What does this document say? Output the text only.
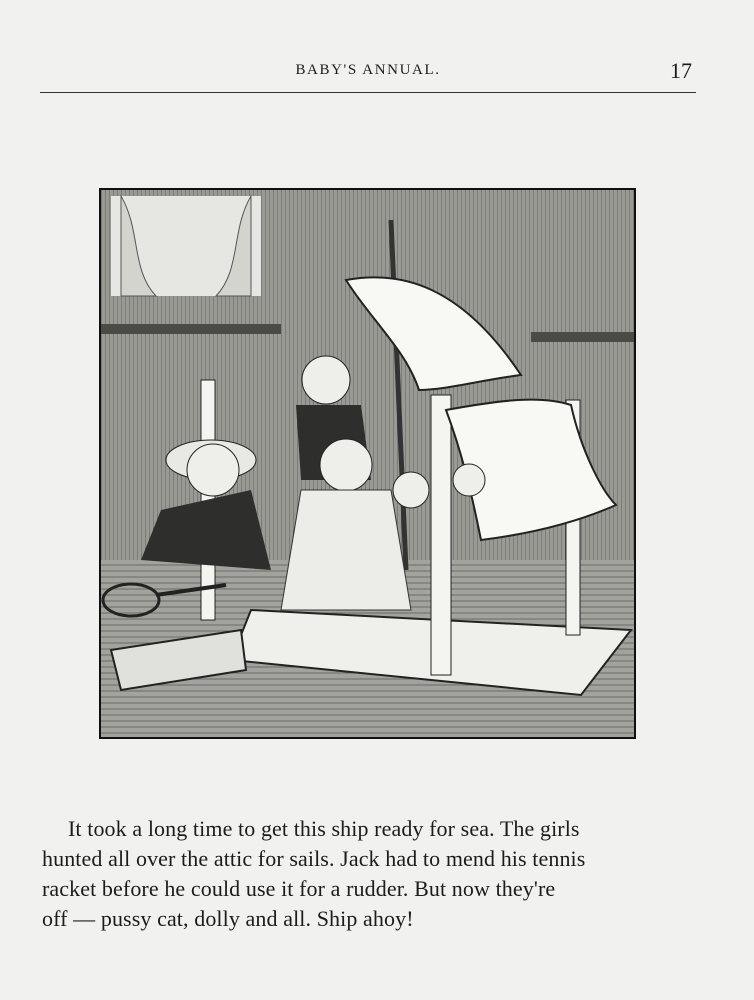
BABY'S ANNUAL.	17
It took a long time to get this ship ready for sea. The girls
hunted all over the attic for sails. Jack had to mend his tennis
racket before he could use it for a rudder. But now they're
off — pussy cat, dolly and all. Ship ahoy!
